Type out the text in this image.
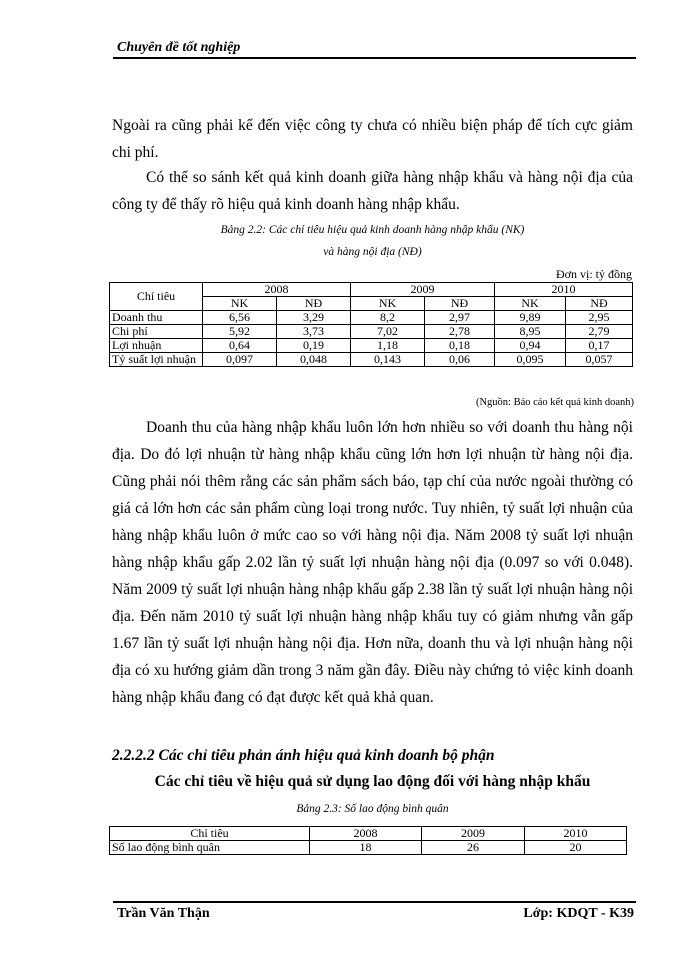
Chuyên đề tốt nghiệp

Ngoài ra cũng phải kể đến việc công ty chưa có nhiều biện pháp để tích cực giảm chi phí.

Có thể so sánh kết quả kinh doanh giữa hàng nhập khẩu và hàng nội địa của công ty để thấy rõ hiệu quả kinh doanh hàng nhập khẩu.

Bảng 2.2: Các chỉ tiêu hiệu quả kinh doanh hàng nhập khẩu (NK)
và hàng nội địa (NĐ)
Đơn vị: tỷ đồng
Chỉ tiêu	2008		2009		2010	
	NK	NĐ	NK	NĐ	NK	NĐ
Doanh thu	6,56	3,29	8,2	2,97	9,89	2,95
Chi phí	5,92	3,73	7,02	2,78	8,95	2,79
Lợi nhuận	0,64	0,19	1,18	0,18	0,94	0,17
Tỷ suất lợi nhuận	0,097	0,048	0,143	0,06	0,095	0,057
(Nguồn: Báo cáo kết quả kinh doanh)

Doanh thu của hàng nhập khẩu luôn lớn hơn nhiều so với doanh thu hàng nội địa. Do đó lợi nhuận từ hàng nhập khẩu cũng lớn hơn lợi nhuận từ hàng nội địa. Cũng phải nói thêm rằng các sản phẩm sách báo, tạp chí của nước ngoài thường có giá cả lớn hơn các sản phẩm cùng loại trong nước. Tuy nhiên, tỷ suất lợi nhuận của hàng nhập khẩu luôn ở mức cao so với hàng nội địa. Năm 2008 tỷ suất lợi nhuận hàng nhập khẩu gấp 2.02 lần tỷ suất lợi nhuận hàng nội địa (0.097 so với 0.048). Năm 2009 tỷ suất lợi nhuận hàng nhập khẩu gấp 2.38 lần tỷ suất lợi nhuận hàng nội địa. Đến năm 2010 tỷ suất lợi nhuận hàng nhập khẩu tuy có giảm nhưng vẫn gấp 1.67 lần tỷ suất lợi nhuận hàng nội địa. Hơn nữa, doanh thu và lợi nhuận hàng nội địa có xu hướng giảm dần trong 3 năm gần đây. Điều này chứng tỏ việc kinh doanh hàng nhập khẩu đang có đạt được kết quả khả quan.

2.2.2.2 Các chỉ tiêu phản ánh hiệu quả kinh doanh bộ phận
Các chỉ tiêu về hiệu quả sử dụng lao động đối với hàng nhập khẩu
Bảng 2.3: Số lao động bình quân
Chỉ tiêu	2008	2009	2010
Số lao động bình quân	18	26	20
Trần Văn Thận	Lớp: KDQT - K39
